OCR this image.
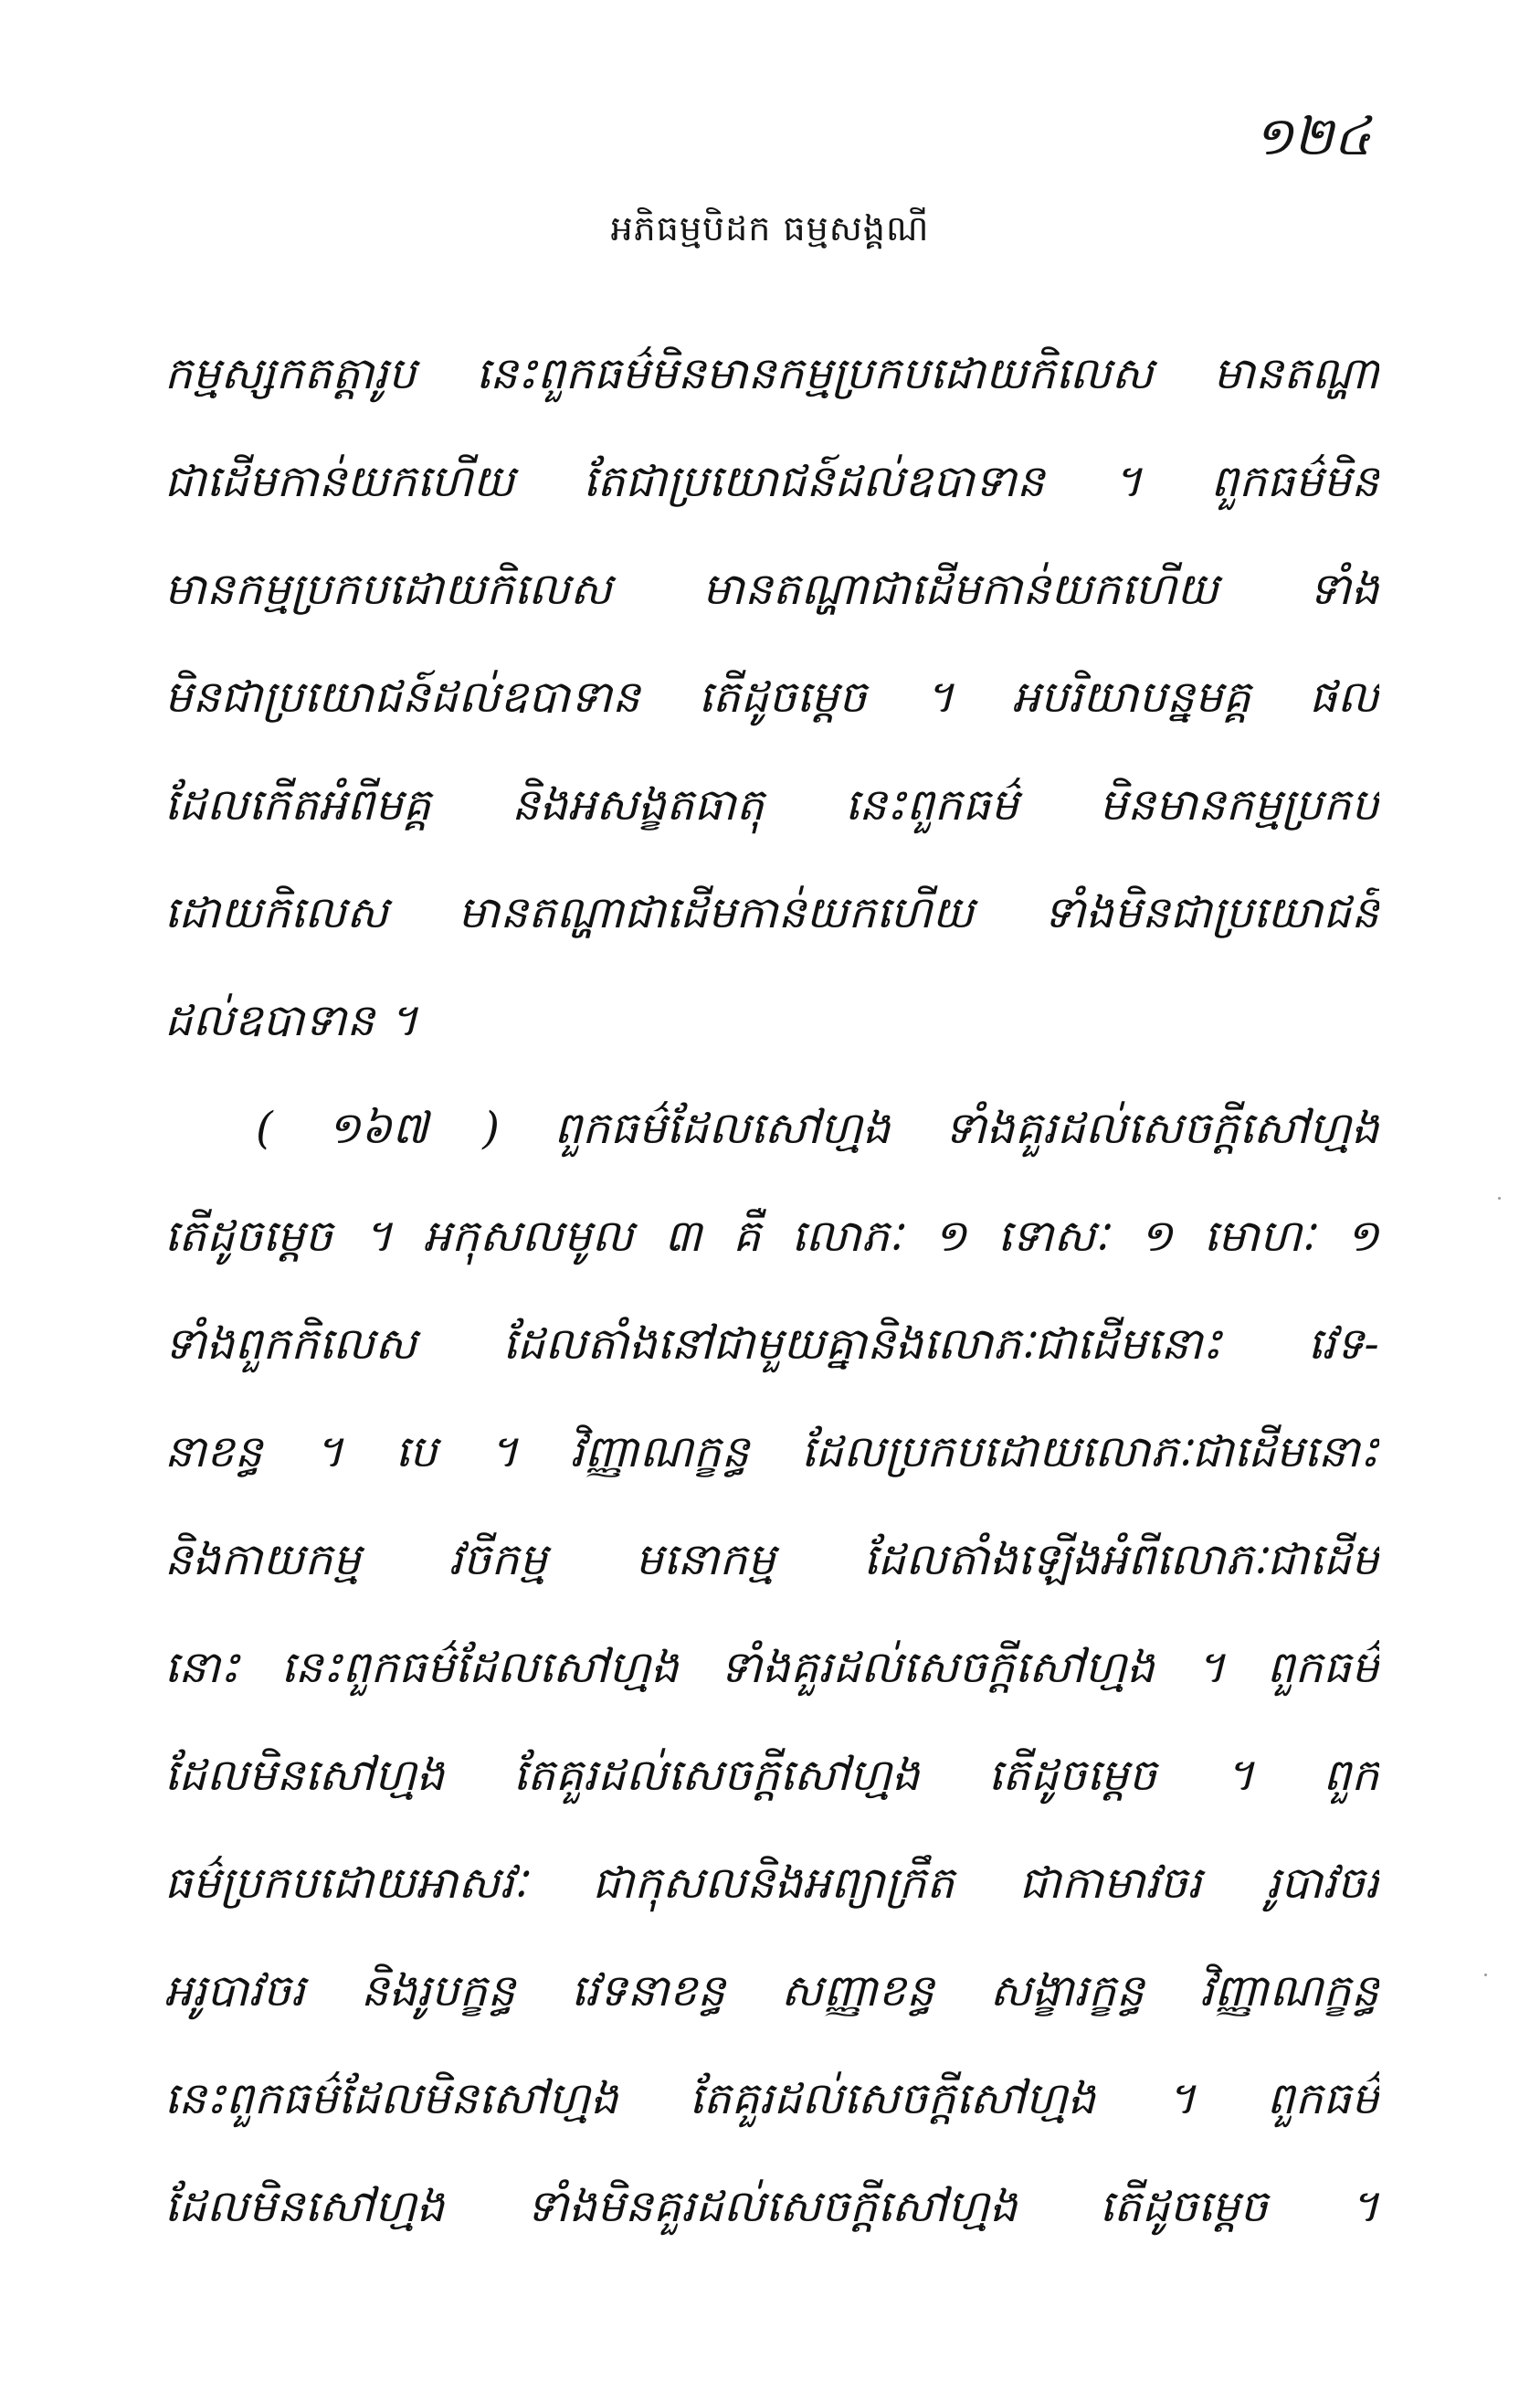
១២៤
អភិធម្មបិដក ធម្មសង្គណី
កម្មស្សកតត្តារូប នេះពួកធម៌មិនមានកម្មប្រកបដោយកិលេស មានតណ្ហា
ជាដើមកាន់យកហើយ តែជាប្រយោជន៍ដល់ឧបាទាន ។ ពួកធម៌មិន
មានកម្មប្រកបដោយកិលេស មានតណ្ហាជាដើមកាន់យកហើយ ទាំង
មិនជាប្រយោជន៍ដល់ឧបាទាន តើដូចម្តេច ។ អបរិយាបន្នមគ្គ ផល
ដែលកើតអំពីមគ្គ និងអសង្ខតធាតុ នេះពួកធម៌ មិនមានកម្មប្រកប
ដោយកិលេស មានតណ្ហាជាដើមកាន់យកហើយ ទាំងមិនជាប្រយោជន៍
ដល់ឧបាទាន ។
( ១៦៧ ) ពួកធម៌ដែលសៅហ្មង ទាំងគួរដល់សេចក្តីសៅហ្មង
តើដូចម្តេច ។ អកុសលមូល ៣ គឺ លោភៈ ១ ទោសៈ ១ មោហៈ ១
ទាំងពួកកិលេស ដែលតាំងនៅជាមួយគ្នានិងលោភៈជាដើមនោះ វេទ-
នាខន្ធ ។ បេ ។ វិញ្ញាណក្ខន្ធ ដែលប្រកបដោយលោភៈជាដើមនោះ
និងកាយកម្ម វចីកម្ម មនោកម្ម ដែលតាំងឡើងអំពីលោភៈជាដើម
នោះ នេះពួកធម៌ដែលសៅហ្មង ទាំងគួរដល់សេចក្តីសៅហ្មង ។ ពួកធម៌
ដែលមិនសៅហ្មង តែគួរដល់សេចក្តីសៅហ្មង តើដូចម្តេច ។ ពួក
ធម៌ប្រកបដោយអាសវៈ ជាកុសលនិងអព្យាក្រឹត ជាកាមាវចរ រូបាវចរ
អរូបាវចរ និងរូបក្ខន្ធ វេទនាខន្ធ សញ្ញាខន្ធ សង្ខារក្ខន្ធ វិញ្ញាណក្ខន្ធ
នេះពួកធម៌ដែលមិនសៅហ្មង តែគួរដល់សេចក្តីសៅហ្មង ។ ពួកធម៌
ដែលមិនសៅហ្មង ទាំងមិនគួរដល់សេចក្តីសៅហ្មង តើដូចម្តេច ។
